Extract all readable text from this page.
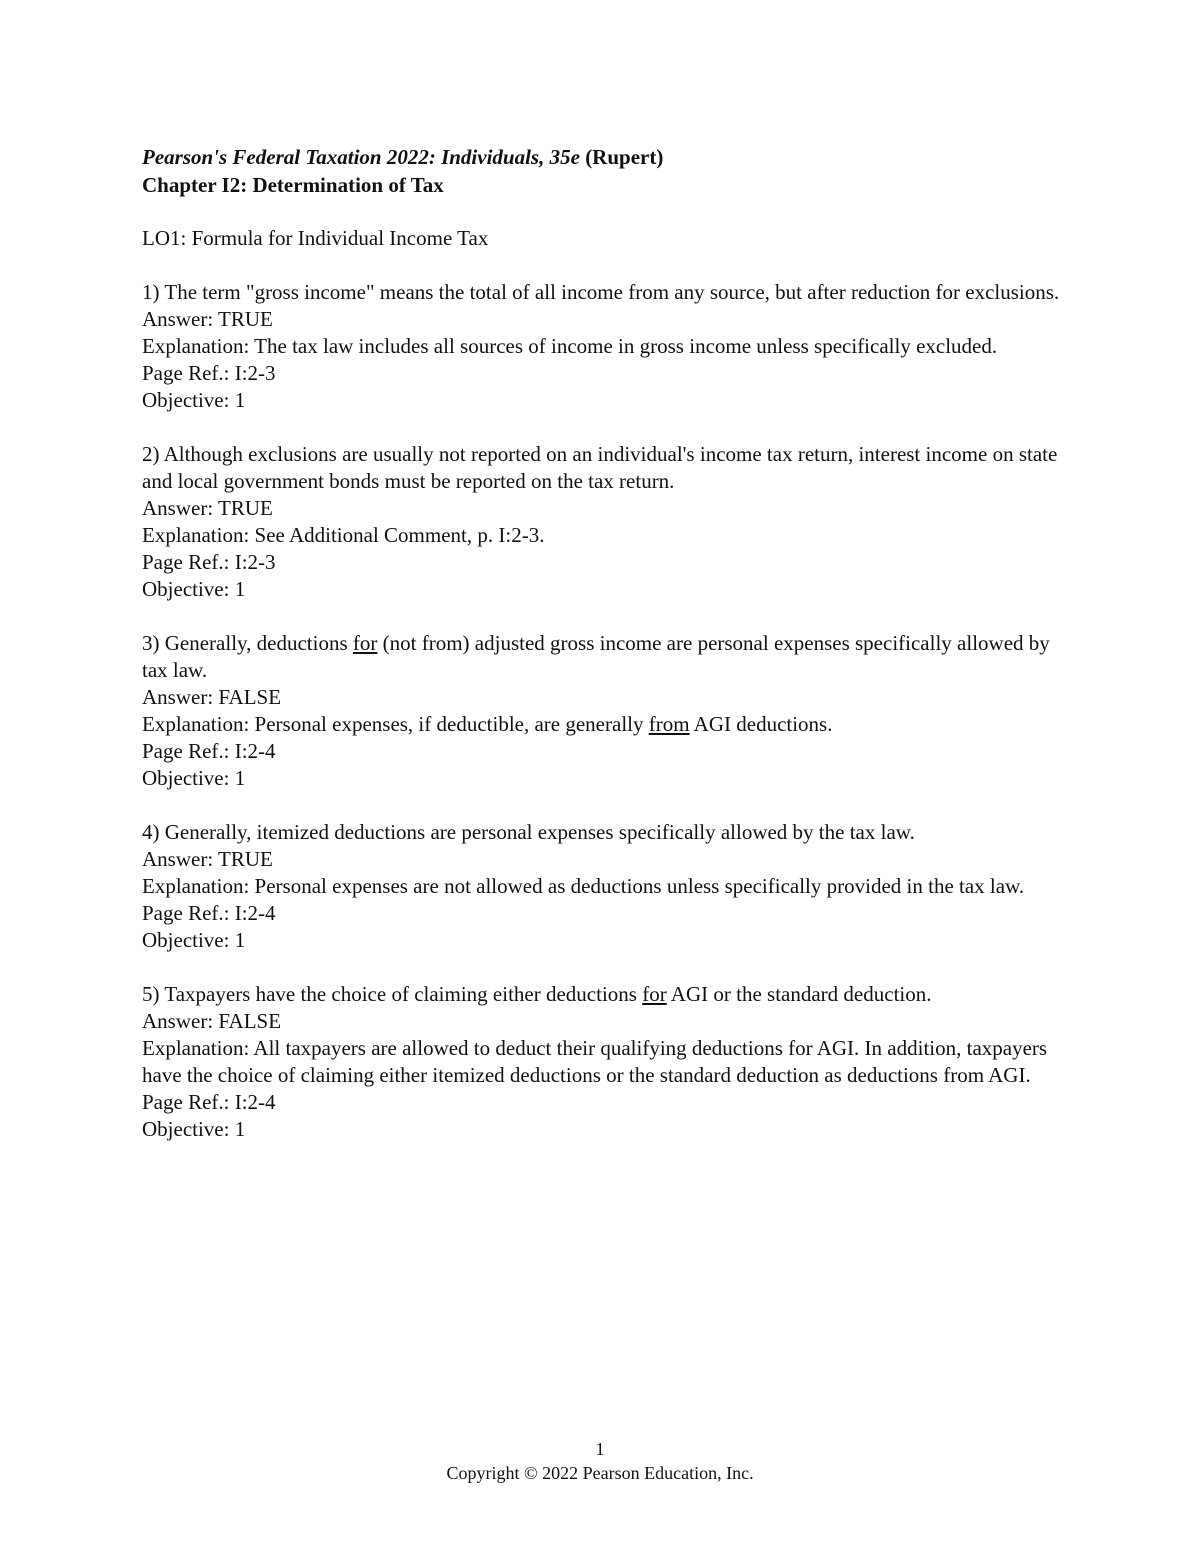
Pearson's Federal Taxation 2022: Individuals, 35e (Rupert)

Chapter I2: Determination of Tax

LO1: Formula for Individual Income Tax
1) The term "gross income" means the total of all income from any source, but after reduction for exclusions.
Answer: TRUE
Explanation: The tax law includes all sources of income in gross income unless specifically excluded.
Page Ref.: I:2-3
Objective: 1
2) Although exclusions are usually not reported on an individual's income tax return, interest income on state and local government bonds must be reported on the tax return.
Answer: TRUE
Explanation: See Additional Comment, p. I:2-3.
Page Ref.: I:2-3
Objective: 1
3) Generally, deductions for (not from) adjusted gross income are personal expenses specifically allowed by tax law.
Answer: FALSE
Explanation: Personal expenses, if deductible, are generally from AGI deductions.
Page Ref.: I:2-4
Objective: 1
4) Generally, itemized deductions are personal expenses specifically allowed by the tax law.
Answer: TRUE
Explanation: Personal expenses are not allowed as deductions unless specifically provided in the tax law.
Page Ref.: I:2-4
Objective: 1
5) Taxpayers have the choice of claiming either deductions for AGI or the standard deduction.
Answer: FALSE
Explanation: All taxpayers are allowed to deduct their qualifying deductions for AGI. In addition, taxpayers have the choice of claiming either itemized deductions or the standard deduction as deductions from AGI.
Page Ref.: I:2-4
Objective: 1
1
Copyright © 2022 Pearson Education, Inc.
